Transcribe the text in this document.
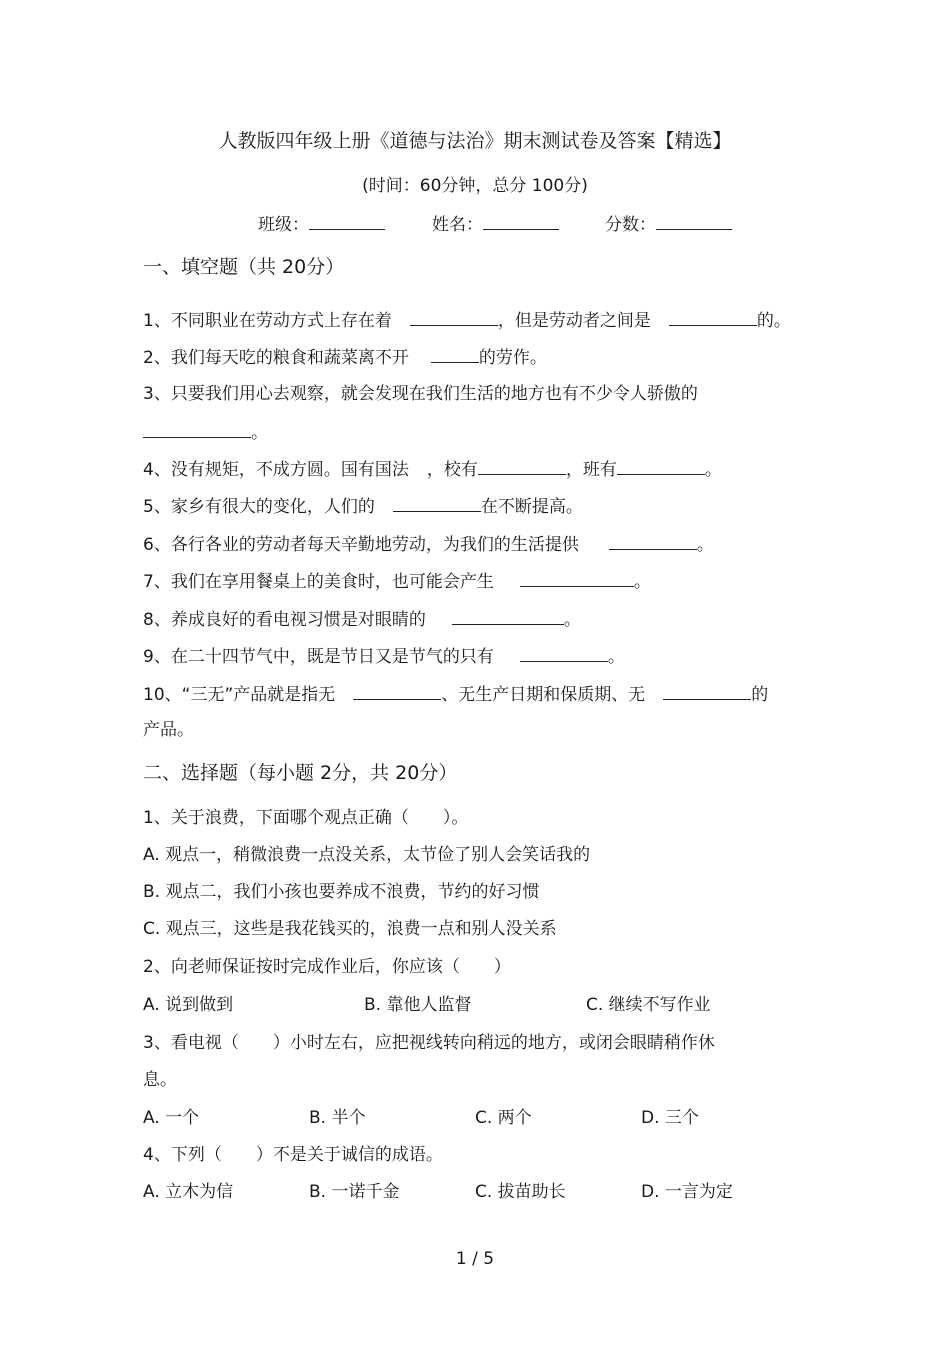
人教版四年级上册《道德与法治》期末测试卷及答案【精选】
(时间：60分钟，总分 100分)
班级：	姓名：	分数：
一、填空题（共 20分）
1、不同职业在劳动方式上存在着	，但是劳动者之间是	的。
2、我们每天吃的粮食和蔬菜离不开	的劳作。
3、只要我们用心去观察，就会发现在我们生活的地方也有不少令人骄傲的
。
4、没有规矩，不成方圆。国有国法 ，校有	，班有	。
5、家乡有很大的变化，人们的	在不断提高。
6、各行各业的劳动者每天辛勤地劳动，为我们的生活提供	。
7、我们在享用餐桌上的美食时，也可能会产生	。
8、养成良好的看电视习惯是对眼睛的	。
9、在二十四节气中，既是节日又是节气的只有	。
10、“三无”产品就是指无	、无生产日期和保质期、无	的
产品。
二、选择题（每小题 2分，共 20分）
1、关于浪费，下面哪个观点正确（　　）。
A. 观点一，稍微浪费一点没关系，太节俭了别人会笑话我的
B. 观点二，我们小孩也要养成不浪费，节约的好习惯
C. 观点三，这些是我花钱买的，浪费一点和别人没关系
2、向老师保证按时完成作业后，你应该（　　）
A. 说到做到	B. 靠他人监督	C. 继续不写作业
3、看电视（　　）小时左右，应把视线转向稍远的地方，或闭会眼睛稍作休
息。
A. 一个	B. 半个	C. 两个	D. 三个
4、下列（　　）不是关于诚信的成语。
A. 立木为信	B. 一诺千金	C. 拔苗助长	D. 一言为定
1 / 5
